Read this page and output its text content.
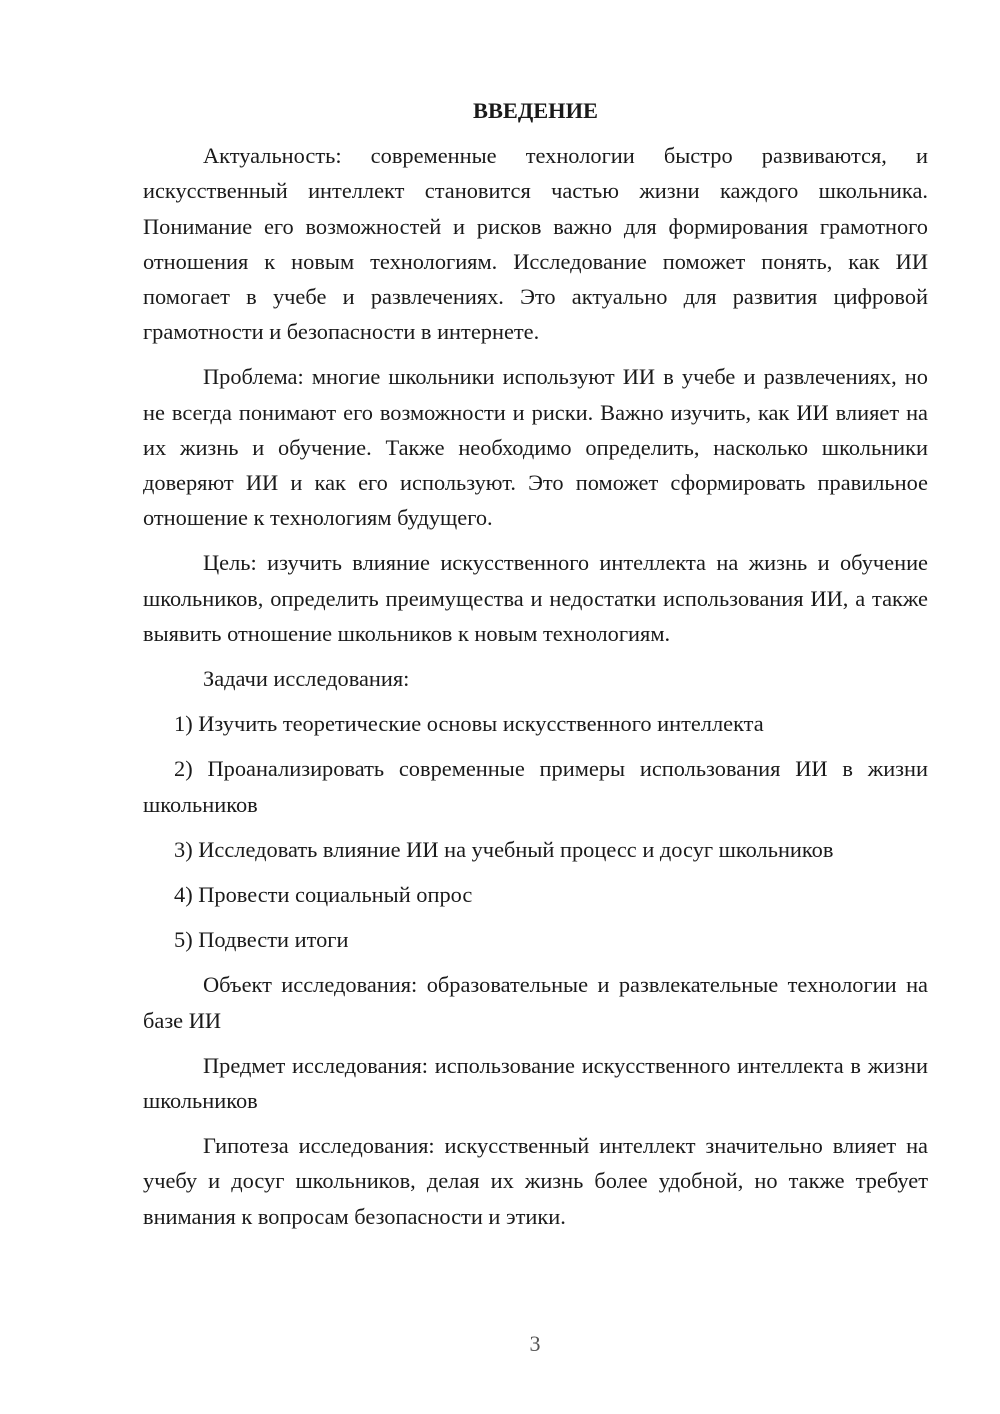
ВВЕДЕНИЕ

Актуальность: современные технологии быстро развиваются, и искусственный интеллект становится частью жизни каждого школьника. Понимание его возможностей и рисков важно для формирования грамотного отношения к новым технологиям. Исследование поможет понять, как ИИ помогает в учебе и развлечениях. Это актуально для развития цифровой грамотности и безопасности в интернете.

Проблема: многие школьники используют ИИ в учебе и развлечениях, но не всегда понимают его возможности и риски. Важно изучить, как ИИ влияет на их жизнь и обучение. Также необходимо определить, насколько школьники доверяют ИИ и как его используют. Это поможет сформировать правильное отношение к технологиям будущего.

Цель: изучить влияние искусственного интеллекта на жизнь и обучение школьников, определить преимущества и недостатки использования ИИ, а также выявить отношение школьников к новым технологиям.

Задачи исследования:

1) Изучить теоретические основы искусственного интеллекта

2) Проанализировать современные примеры использования ИИ в жизни школьников

3) Исследовать влияние ИИ на учебный процесс и досуг школьников

4) Провести социальный опрос

5) Подвести итоги

Объект исследования: образовательные и развлекательные технологии на базе ИИ

Предмет исследования: использование искусственного интеллекта в жизни школьников

Гипотеза исследования: искусственный интеллект значительно влияет на учебу и досуг школьников, делая их жизнь более удобной, но также требует внимания к вопросам безопасности и этики.

3
